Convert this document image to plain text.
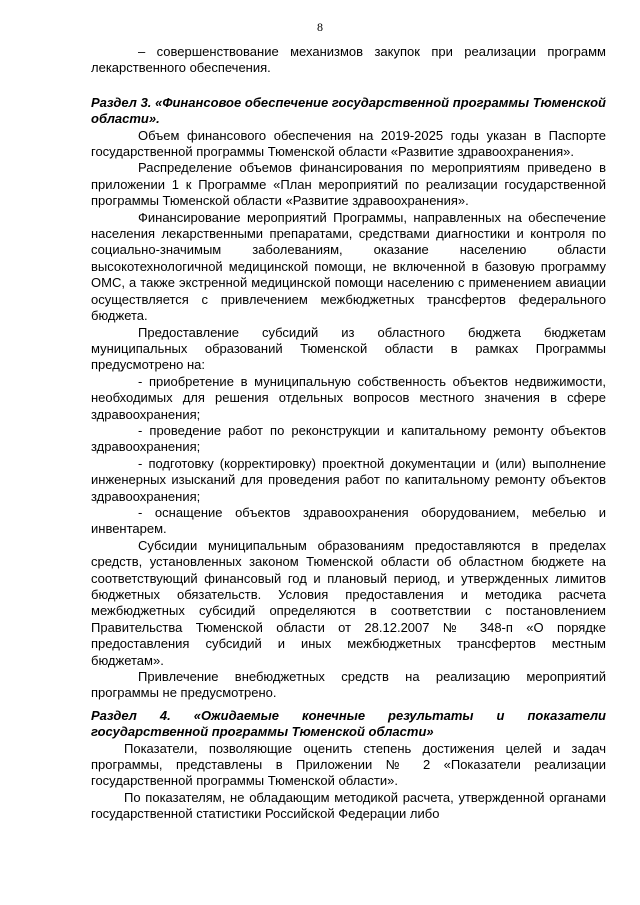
8

– совершенствование механизмов закупок при реализации программ лекарственного обеспечения.

Раздел 3. «Финансовое обеспечение государственной программы Тюменской области».

Объем финансового обеспечения на 2019-2025 годы указан в Паспорте государственной программы Тюменской области «Развитие здравоохранения».

Распределение объемов финансирования по мероприятиям приведено в приложении 1 к Программе «План мероприятий по реализации государственной программы Тюменской области «Развитие здравоохранения».

Финансирование мероприятий Программы, направленных на обеспечение населения лекарственными препаратами, средствами диагностики и контроля по социально-значимым заболеваниям, оказание населению области высокотехнологичной медицинской помощи, не включенной в базовую программу ОМС, а также экстренной медицинской помощи населению с применением авиации осуществляется с привлечением межбюджетных трансфертов федерального бюджета.

Предоставление субсидий из областного бюджета бюджетам муниципальных образований Тюменской области в рамках Программы предусмотрено на:

- приобретение в муниципальную собственность объектов недвижимости, необходимых для решения отдельных вопросов местного значения в сфере здравоохранения;

- проведение работ по реконструкции и капитальному ремонту объектов здравоохранения;

- подготовку (корректировку) проектной документации и (или) выполнение инженерных изысканий для проведения работ по капитальному ремонту объектов здравоохранения;

- оснащение объектов здравоохранения оборудованием, мебелью и инвентарем.

Субсидии муниципальным образованиям предоставляются в пределах средств, установленных законом Тюменской области об областном бюджете на соответствующий финансовый год и плановый период, и утвержденных лимитов бюджетных обязательств. Условия предоставления и методика расчета межбюджетных субсидий определяются в соответствии с постановлением Правительства Тюменской области от 28.12.2007 № 348-п «О порядке предоставления субсидий и иных межбюджетных трансфертов местным бюджетам».

Привлечение внебюджетных средств на реализацию мероприятий программы не предусмотрено.

Раздел 4. «Ожидаемые конечные результаты и показатели государственной программы Тюменской области»

Показатели, позволяющие оценить степень достижения целей и задач программы, представлены в Приложении № 2 «Показатели реализации государственной программы Тюменской области».

По показателям, не обладающим методикой расчета, утвержденной органами государственной статистики Российской Федерации либо
